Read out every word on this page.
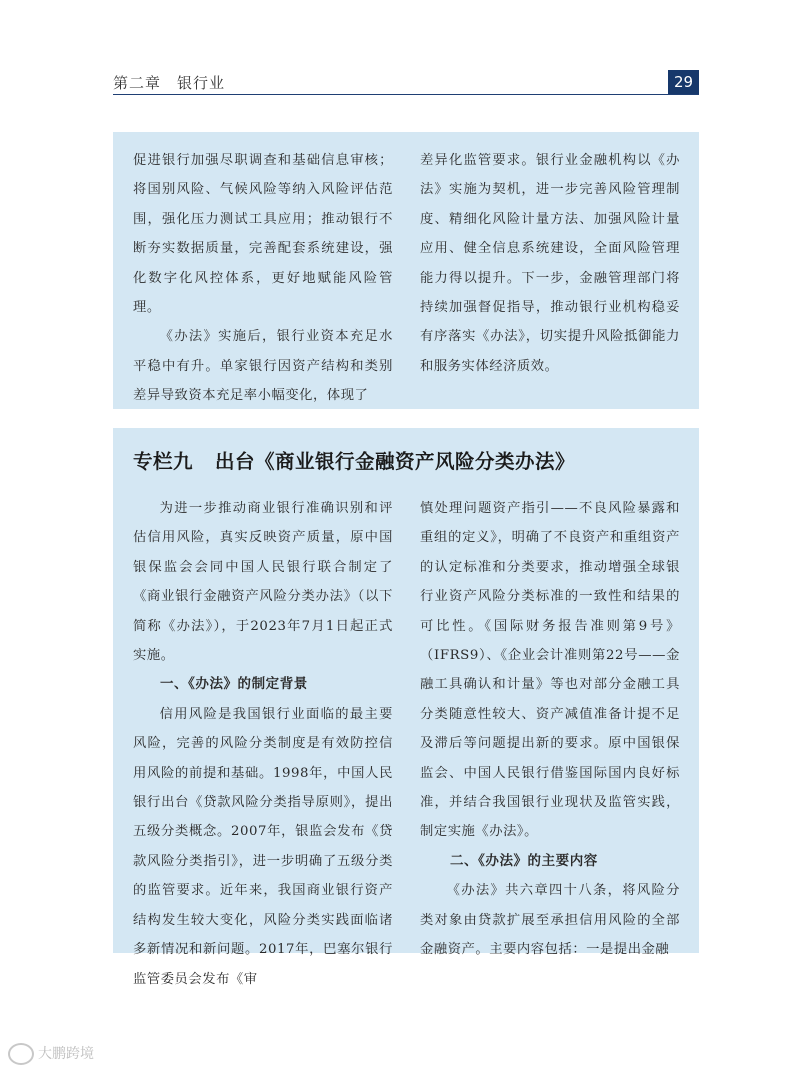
第二章　银行业	29

促进银行加强尽职调查和基础信息审核；将国别风险、气候风险等纳入风险评估范围，强化压力测试工具应用；推动银行不断夯实数据质量，完善配套系统建设，强化数字化风控体系，更好地赋能风险管理。

《办法》实施后，银行业资本充足水平稳中有升。单家银行因资产结构和类别差异导致资本充足率小幅变化，体现了

差异化监管要求。银行业金融机构以《办法》实施为契机，进一步完善风险管理制度、精细化风险计量方法、加强风险计量应用、健全信息系统建设，全面风险管理能力得以提升。下一步，金融管理部门将持续加强督促指导，推动银行业机构稳妥有序落实《办法》，切实提升风险抵御能力和服务实体经济质效。

专栏九 出台《商业银行金融资产风险分类办法》

为进一步推动商业银行准确识别和评估信用风险，真实反映资产质量，原中国银保监会会同中国人民银行联合制定了《商业银行金融资产风险分类办法》（以下简称《办法》），于2023年7月1日起正式实施。

一、《办法》的制定背景

信用风险是我国银行业面临的最主要风险，完善的风险分类制度是有效防控信用风险的前提和基础。1998年，中国人民银行出台《贷款风险分类指导原则》，提出五级分类概念。2007年，银监会发布《贷款风险分类指引》，进一步明确了五级分类的监管要求。近年来，我国商业银行资产结构发生较大变化，风险分类实践面临诸多新情况和新问题。2017年，巴塞尔银行监管委员会发布《审

慎处理问题资产指引——不良风险暴露和重组的定义》，明确了不良资产和重组资产的认定标准和分类要求，推动增强全球银行业资产风险分类标准的一致性和结果的可比性。《国际财务报告准则第9号》（IFRS9）、《企业会计准则第22号——金融工具确认和计量》等也对部分金融工具分类随意性较大、资产减值准备计提不足及滞后等问题提出新的要求。原中国银保监会、中国人民银行借鉴国际国内良好标准，并结合我国银行业现状及监管实践，制定实施《办法》。

二、《办法》的主要内容

《办法》共六章四十八条，将风险分类对象由贷款扩展至承担信用风险的全部金融资产。主要内容包括：一是提出金融

大鹏跨境
